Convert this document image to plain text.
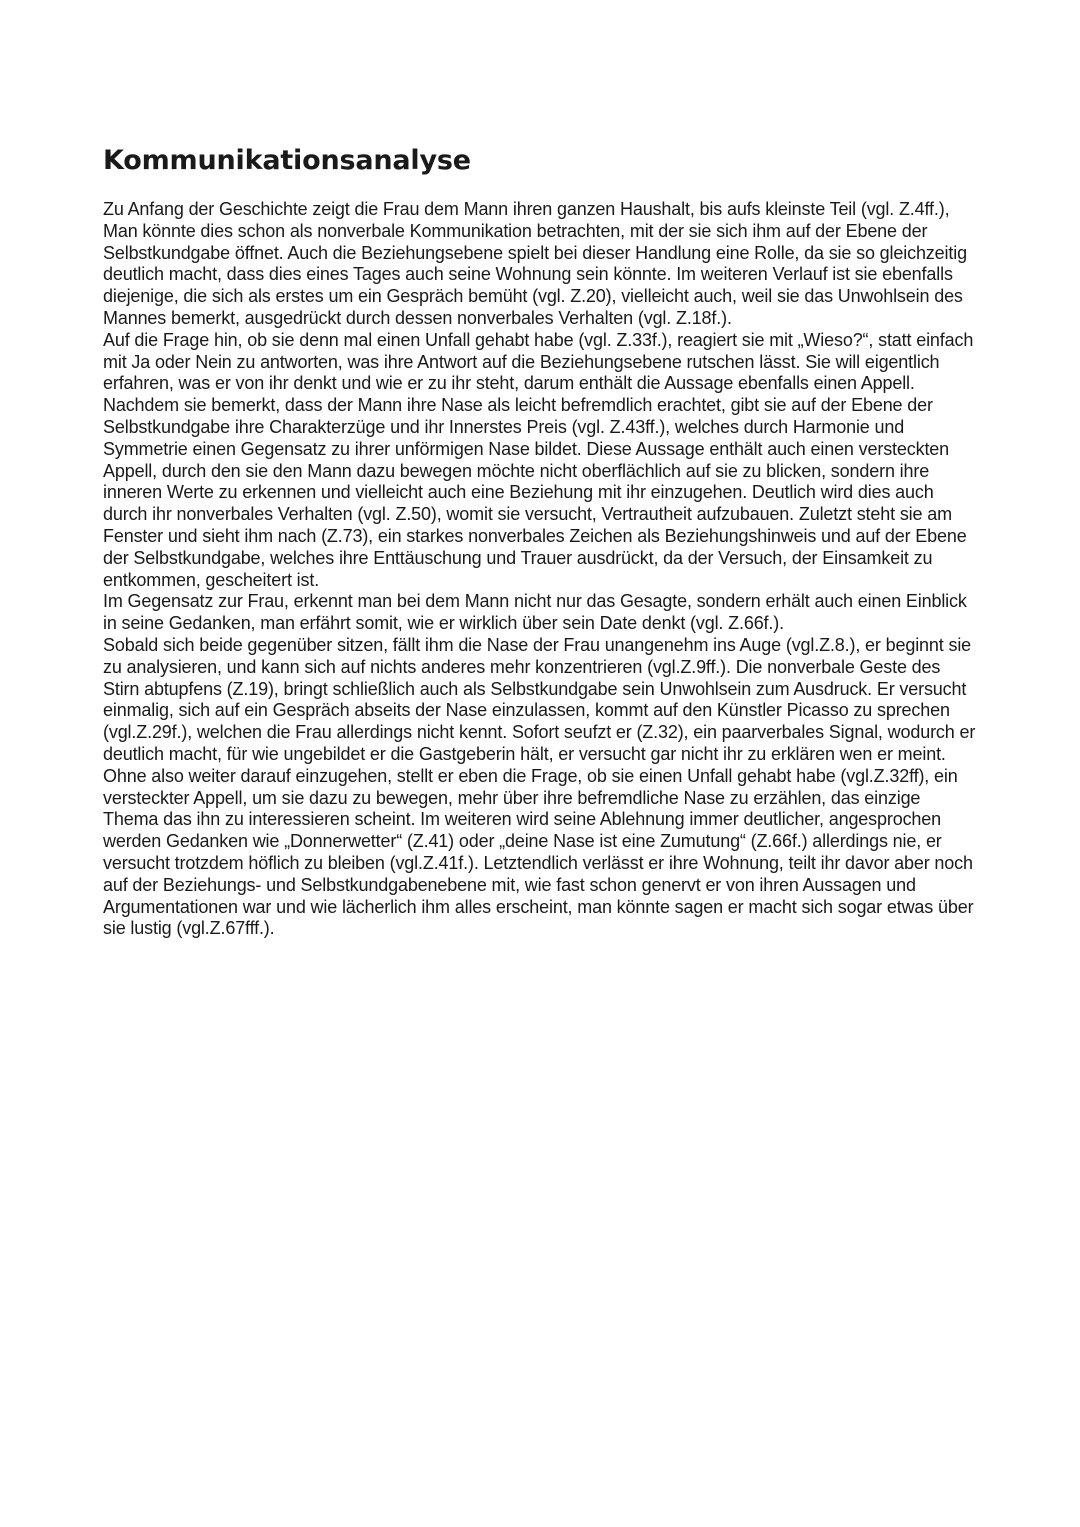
Kommunikationsanalyse

Zu Anfang der Geschichte zeigt die Frau dem Mann ihren ganzen Haushalt, bis aufs kleinste Teil (vgl. Z.4ff.), Man könnte dies schon als nonverbale Kommunikation betrachten, mit der sie sich ihm auf der Ebene der Selbstkundgabe öffnet. Auch die Beziehungsebene spielt bei dieser Handlung eine Rolle, da sie so gleichzeitig deutlich macht, dass dies eines Tages auch seine Wohnung sein könnte. Im weiteren Verlauf ist sie ebenfalls diejenige, die sich als erstes um ein Gespräch bemüht (vgl. Z.20), vielleicht auch, weil sie das Unwohlsein des Mannes bemerkt, ausgedrückt durch dessen nonverbales Verhalten (vgl. Z.18f.).

Auf die Frage hin, ob sie denn mal einen Unfall gehabt habe (vgl. Z.33f.), reagiert sie mit „Wieso?“, statt einfach mit Ja oder Nein zu antworten, was ihre Antwort auf die Beziehungsebene rutschen lässt. Sie will eigentlich erfahren, was er von ihr denkt und wie er zu ihr steht, darum enthält die Aussage ebenfalls einen Appell.

Nachdem sie bemerkt, dass der Mann ihre Nase als leicht befremdlich erachtet, gibt sie auf der Ebene der Selbstkundgabe ihre Charakterzüge und ihr Innerstes Preis (vgl. Z.43ff.), welches durch Harmonie und Symmetrie einen Gegensatz zu ihrer unförmigen Nase bildet. Diese Aussage enthält auch einen versteckten Appell, durch den sie den Mann dazu bewegen möchte nicht oberflächlich auf sie zu blicken, sondern ihre inneren Werte zu erkennen und vielleicht auch eine Beziehung mit ihr einzugehen. Deutlich wird dies auch durch ihr nonverbales Verhalten (vgl. Z.50), womit sie versucht, Vertrautheit aufzubauen. Zuletzt steht sie am Fenster und sieht ihm nach (Z.73), ein starkes nonverbales Zeichen als Beziehungshinweis und auf der Ebene der Selbstkundgabe, welches ihre Enttäuschung und Trauer ausdrückt, da der Versuch, der Einsamkeit zu entkommen, gescheitert ist.

Im Gegensatz zur Frau, erkennt man bei dem Mann nicht nur das Gesagte, sondern erhält auch einen Einblick in seine Gedanken, man erfährt somit, wie er wirklich über sein Date denkt (vgl. Z.66f.).

Sobald sich beide gegenüber sitzen, fällt ihm die Nase der Frau unangenehm ins Auge (vgl.Z.8.), er beginnt sie zu analysieren, und kann sich auf nichts anderes mehr konzentrieren (vgl.Z.9ff.). Die nonverbale Geste des Stirn abtupfens (Z.19), bringt schließlich auch als Selbstkundgabe sein Unwohlsein zum Ausdruck. Er versucht einmalig, sich auf ein Gespräch abseits der Nase einzulassen, kommt auf den Künstler Picasso zu sprechen (vgl.Z.29f.), welchen die Frau allerdings nicht kennt. Sofort seufzt er (Z.32), ein paarverbales Signal, wodurch er deutlich macht, für wie ungebildet er die Gastgeberin hält, er versucht gar nicht ihr zu erklären wen er meint. Ohne also weiter darauf einzugehen, stellt er eben die Frage, ob sie einen Unfall gehabt habe (vgl.Z.32ff), ein versteckter Appell, um sie dazu zu bewegen, mehr über ihre befremdliche Nase zu erzählen, das einzige Thema das ihn zu interessieren scheint. Im weiteren wird seine Ablehnung immer deutlicher, angesprochen werden Gedanken wie „Donnerwetter“ (Z.41) oder „deine Nase ist eine Zumutung“ (Z.66f.) allerdings nie, er versucht trotzdem höflich zu bleiben (vgl.Z.41f.). Letztendlich verlässt er ihre Wohnung, teilt ihr davor aber noch auf der Beziehungs- und Selbstkundgabenebene mit, wie fast schon genervt er von ihren Aussagen und Argumentationen war und wie lächerlich ihm alles erscheint, man könnte sagen er macht sich sogar etwas über sie lustig (vgl.Z.67fff.).
